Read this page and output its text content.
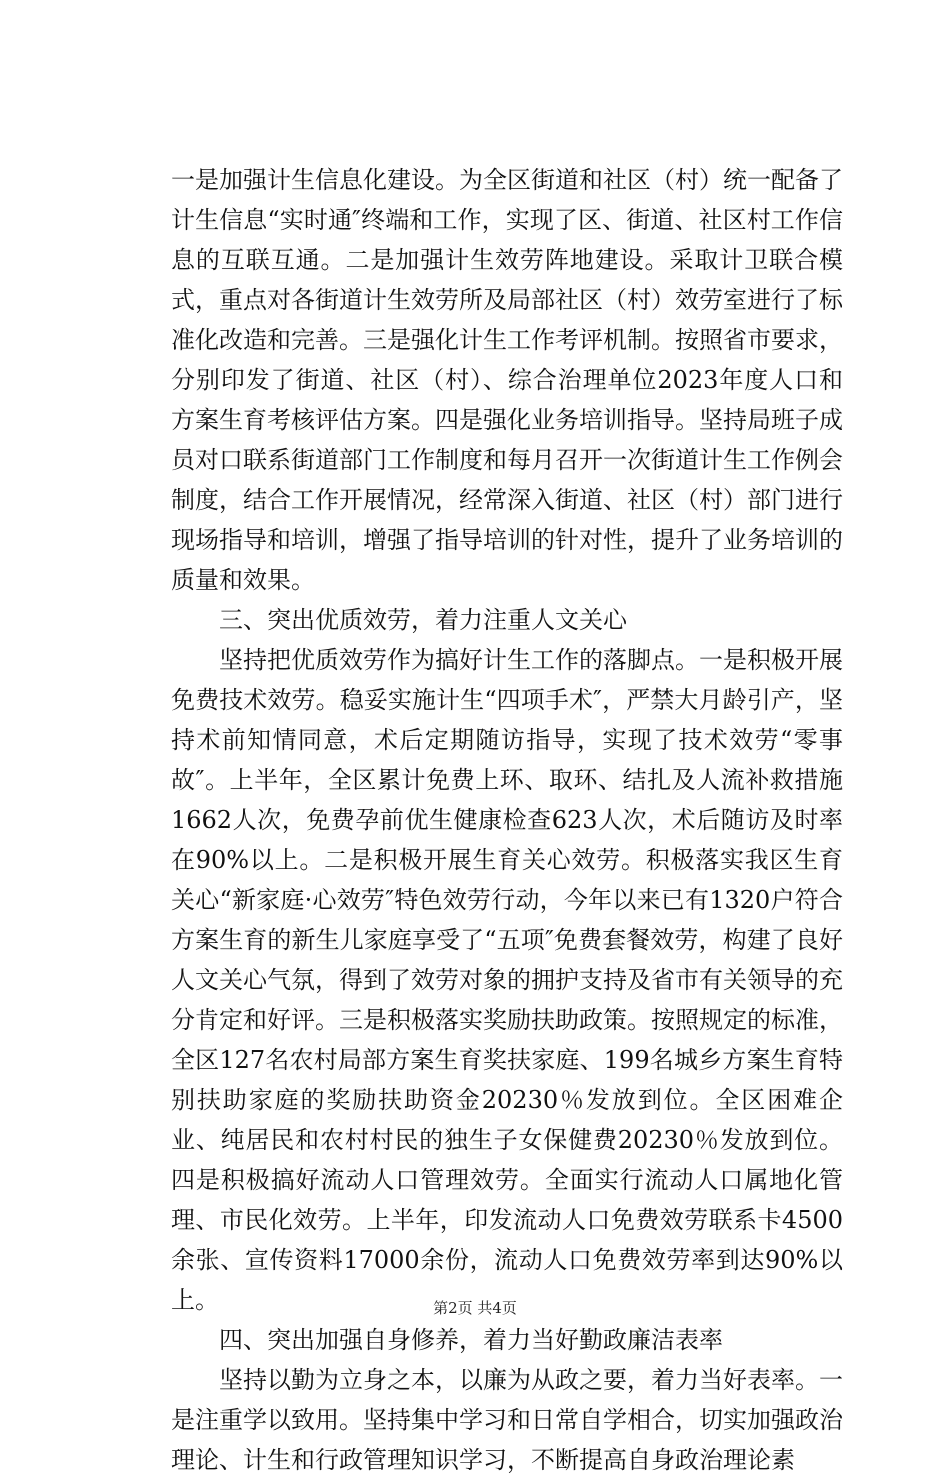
一是加强计生信息化建设。为全区街道和社区（村）统一配备了计生信息“实时通″终端和工作，实现了区、街道、社区村工作信息的互联互通。二是加强计生效劳阵地建设。采取计卫联合模式，重点对各街道计生效劳所及局部社区（村）效劳室进行了标准化改造和完善。三是强化计生工作考评机制。按照省市要求，分别印发了街道、社区（村）、综合治理单位2023年度人口和方案生育考核评估方案。四是强化业务培训指导。坚持局班子成员对口联系街道部门工作制度和每月召开一次街道计生工作例会制度，结合工作开展情况，经常深入街道、社区（村）部门进行现场指导和培训，增强了指导培训的针对性，提升了业务培训的质量和效果。

三、突出优质效劳，着力注重人文关心

坚持把优质效劳作为搞好计生工作的落脚点。一是积极开展免费技术效劳。稳妥实施计生“四项手术″，严禁大月龄引产，坚持术前知情同意，术后定期随访指导，实现了技术效劳“零事故″。上半年，全区累计免费上环、取环、结扎及人流补救措施1662人次，免费孕前优生健康检查623人次，术后随访及时率在90%以上。二是积极开展生育关心效劳。积极落实我区生育关心“新家庭·心效劳″特色效劳行动，今年以来已有1320户符合方案生育的新生儿家庭享受了“五项″免费套餐效劳，构建了良好人文关心气氛，得到了效劳对象的拥护支持及省市有关领导的充分肯定和好评。三是积极落实奖励扶助政策。按照规定的标准，全区127名农村局部方案生育奖扶家庭、199名城乡方案生育特别扶助家庭的奖励扶助资金20230％发放到位。全区困难企业、纯居民和农村村民的独生子女保健费20230％发放到位。四是积极搞好流动人口管理效劳。全面实行流动人口属地化管理、市民化效劳。上半年，印发流动人口免费效劳联系卡4500余张、宣传资料17000余份，流动人口免费效劳率到达90%以上。

四、突出加强自身修养，着力当好勤政廉洁表率

坚持以勤为立身之本，以廉为从政之要，着力当好表率。一是注重学以致用。坚持集中学习和日常自学相合，切实加强政治理论、计生和行政管理知识学习，不断提高自身政治理论素

第2页 共4页
